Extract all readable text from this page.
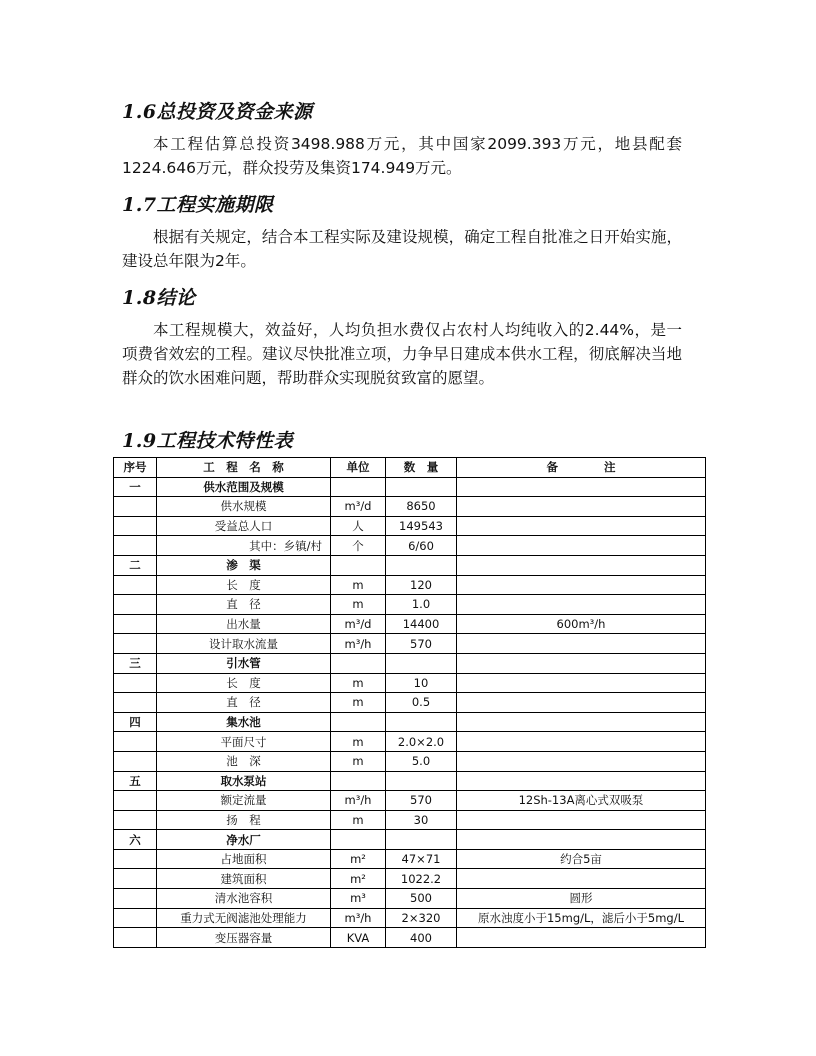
1.6总投资及资金来源

本工程估算总投资3498.988万元，其中国家2099.393万元，地县配套1224.646万元，群众投劳及集资174.949万元。

1.7工程实施期限

根据有关规定，结合本工程实际及建设规模，确定工程自批准之日开始实施，建设总年限为2年。

1.8结论

本工程规模大，效益好，人均负担水费仅占农村人均纯收入的2.44%，是一项费省效宏的工程。建议尽快批准立项，力争早日建成本供水工程，彻底解决当地群众的饮水困难问题，帮助群众实现脱贫致富的愿望。

1.9工程技术特性表
序号	工　程　名　称	单位	数　量	备　　　　注
一	供水范围及规模			
	供水规模	m³/d	8650	
	受益总人口	人	149543	
	其中：乡镇/村	个	6/60	
二	渗　渠			
	长　度	m	120	
	直　径	m	1.0	
	出水量	m³/d	14400	600m³/h
	设计取水流量	m³/h	570	
三	引水管			
	长　度	m	10	
	直　径	m	0.5	
四	集水池			
	平面尺寸	m	2.0×2.0	
	池　深	m	5.0	
五	取水泵站			
	额定流量	m³/h	570	12Sh-13A离心式双吸泵
	扬　程	m	30	
六	净水厂			
	占地面积	m²	47×71	约合5亩
	建筑面积	m²	1022.2	
	清水池容积	m³	500	圆形
	重力式无阀滤池处理能力	m³/h	2×320	原水浊度小于15mg/L，滤后小于5mg/L
	变压器容量	KVA	400	
